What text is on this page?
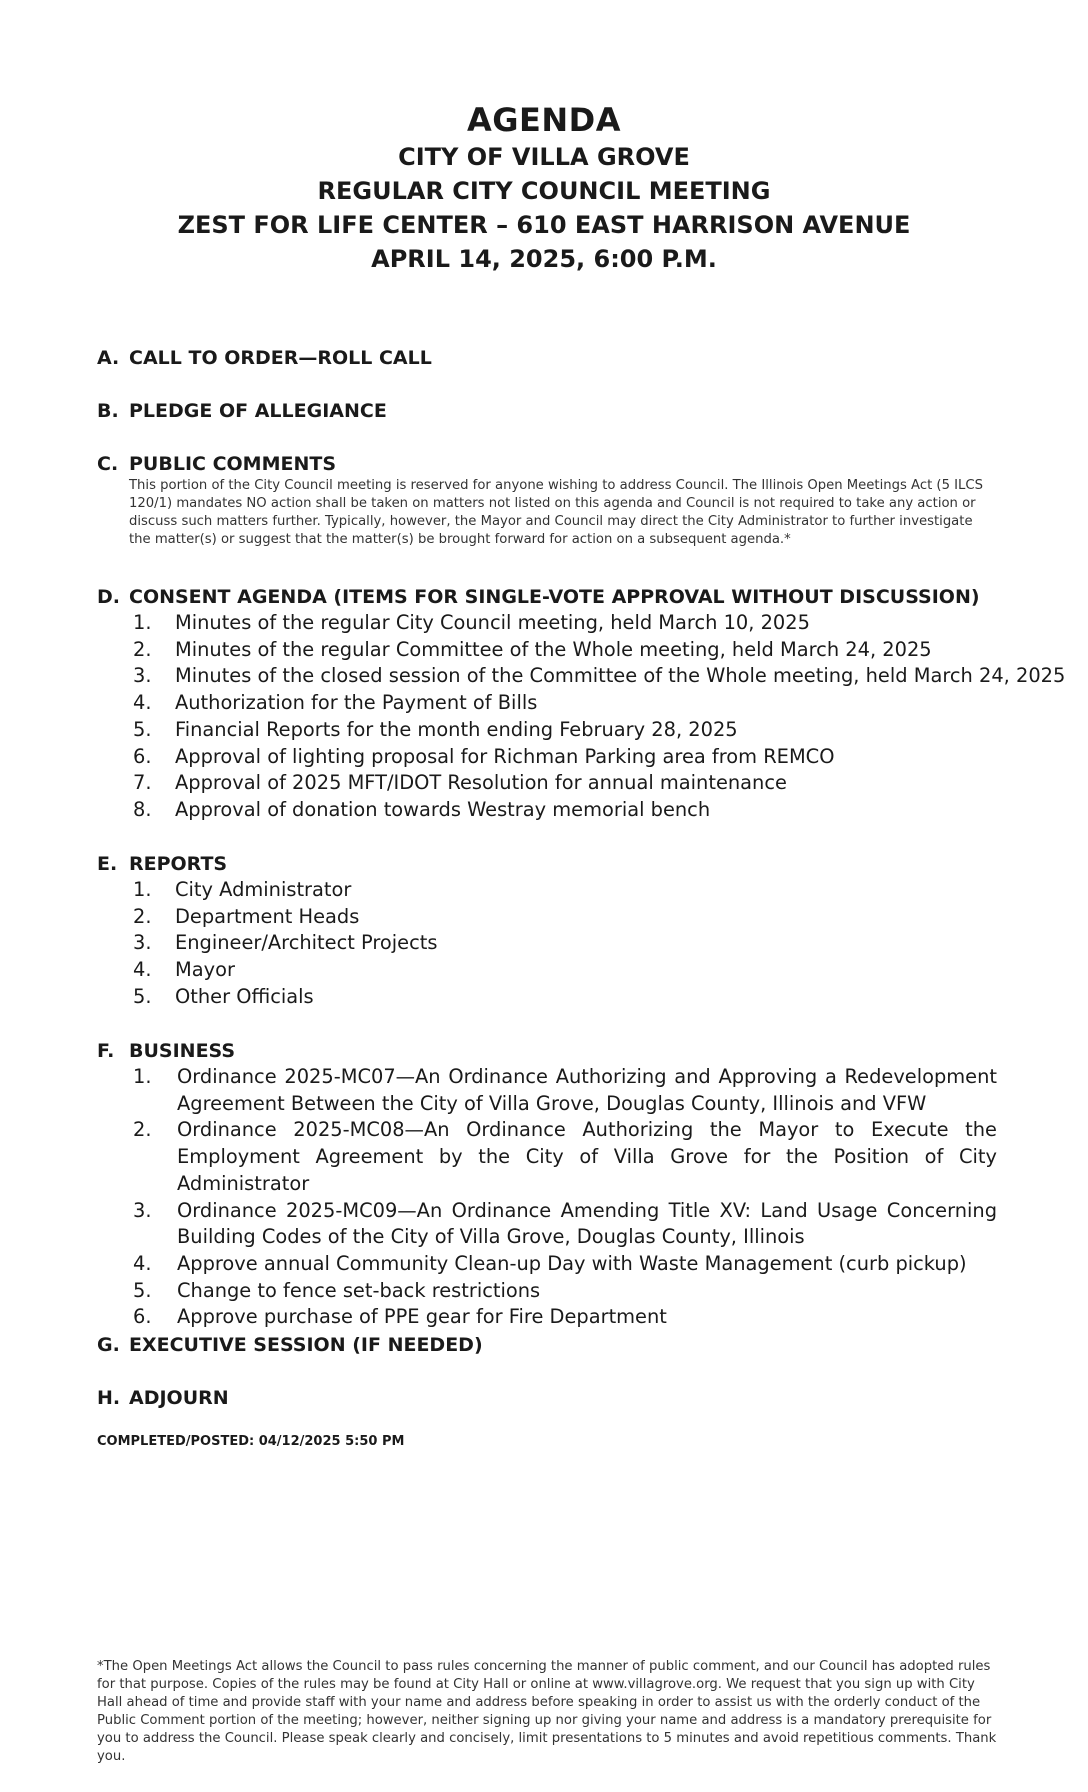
AGENDA
CITY OF VILLA GROVE
REGULAR CITY COUNCIL MEETING
ZEST FOR LIFE CENTER – 610 EAST HARRISON AVENUE
APRIL 14, 2025, 6:00 P.M.
A. CALL TO ORDER—ROLL CALL
B. PLEDGE OF ALLEGIANCE
C. PUBLIC COMMENTS
This portion of the City Council meeting is reserved for anyone wishing to address Council. The Illinois Open Meetings Act (5 ILCS 120/1) mandates NO action shall be taken on matters not listed on this agenda and Council is not required to take any action or discuss such matters further. Typically, however, the Mayor and Council may direct the City Administrator to further investigate the matter(s) or suggest that the matter(s) be brought forward for action on a subsequent agenda.*
D. CONSENT AGENDA (ITEMS FOR SINGLE-VOTE APPROVAL WITHOUT DISCUSSION)
1. Minutes of the regular City Council meeting, held March 10, 2025
2. Minutes of the regular Committee of the Whole meeting, held March 24, 2025
3. Minutes of the closed session of the Committee of the Whole meeting, held March 24, 2025
4. Authorization for the Payment of Bills
5. Financial Reports for the month ending February 28, 2025
6. Approval of lighting proposal for Richman Parking area from REMCO
7. Approval of 2025 MFT/IDOT Resolution for annual maintenance
8. Approval of donation towards Westray memorial bench
E. REPORTS
1. City Administrator
2. Department Heads
3. Engineer/Architect Projects
4. Mayor
5. Other Officials
F. BUSINESS
1. Ordinance 2025-MC07—An Ordinance Authorizing and Approving a Redevelopment Agreement Between the City of Villa Grove, Douglas County, Illinois and VFW
2. Ordinance 2025-MC08—An Ordinance Authorizing the Mayor to Execute the Employment Agreement by the City of Villa Grove for the Position of City Administrator
3. Ordinance 2025-MC09—An Ordinance Amending Title XV: Land Usage Concerning Building Codes of the City of Villa Grove, Douglas County, Illinois
4. Approve annual Community Clean-up Day with Waste Management (curb pickup)
5. Change to fence set-back restrictions
6. Approve purchase of PPE gear for Fire Department
G. EXECUTIVE SESSION (IF NEEDED)
H. ADJOURN
COMPLETED/POSTED: 04/12/2025 5:50 PM
*The Open Meetings Act allows the Council to pass rules concerning the manner of public comment, and our Council has adopted rules for that purpose. Copies of the rules may be found at City Hall or online at www.villagrove.org. We request that you sign up with City Hall ahead of time and provide staff with your name and address before speaking in order to assist us with the orderly conduct of the Public Comment portion of the meeting; however, neither signing up nor giving your name and address is a mandatory prerequisite for you to address the Council. Please speak clearly and concisely, limit presentations to 5 minutes and avoid repetitious comments. Thank you.
